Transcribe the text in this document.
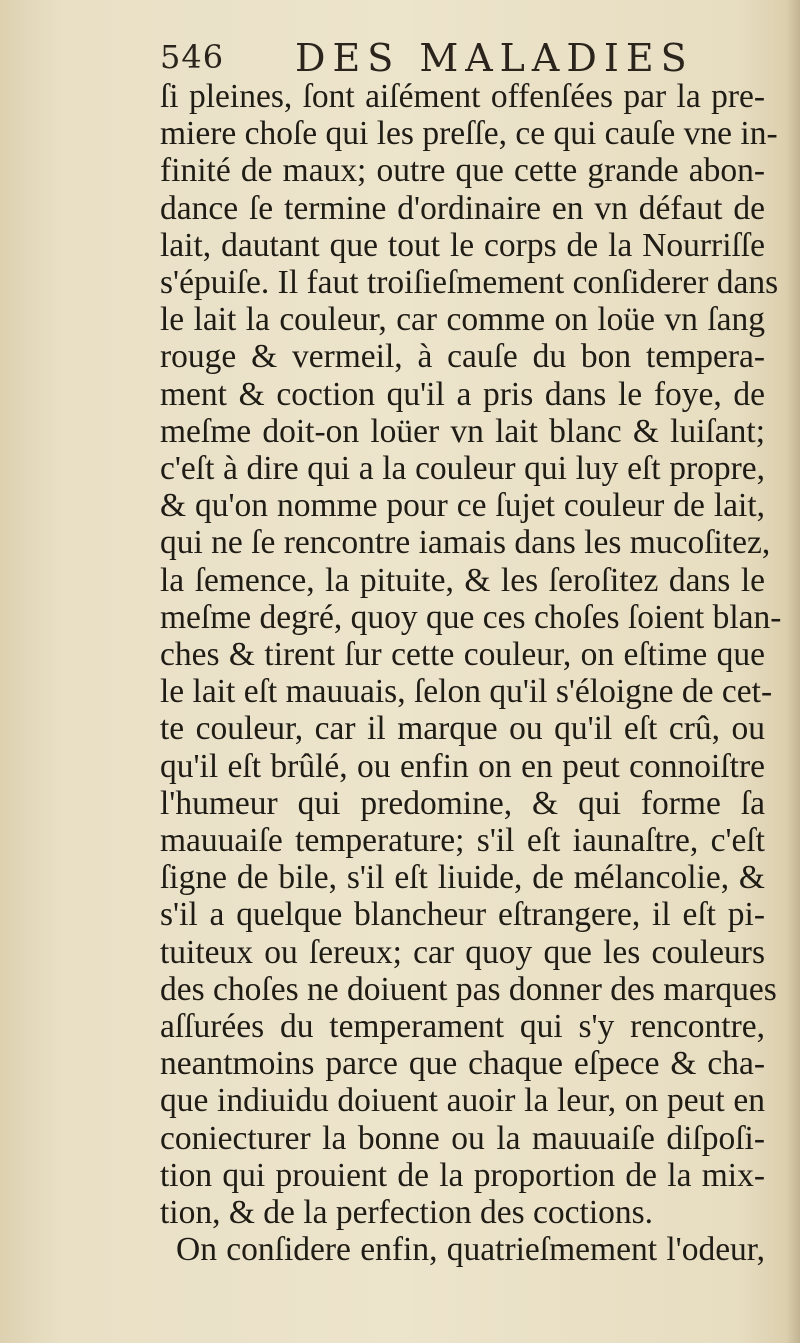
546 DES MALADIES
ſi pleines, ſont aiſément offenſées par la pre-
miere choſe qui les preſſe, ce qui cauſe vne in-
finité de maux; outre que cette grande abon-
dance ſe termine d'ordinaire en vn défaut de
lait, dautant que tout le corps de la Nourriſſe
s'épuiſe. Il faut troiſieſmement conſiderer dans
le lait la couleur, car comme on loüe vn ſang
rouge & vermeil, à cauſe du bon tempera-
ment & coction qu'il a pris dans le foye, de
meſme doit-on loüer vn lait blanc & luiſant;
c'eſt à dire qui a la couleur qui luy eſt propre,
& qu'on nomme pour ce ſujet couleur de lait,
qui ne ſe rencontre iamais dans les mucoſitez,
la ſemence, la pituite, & les ſeroſitez dans le
meſme degré, quoy que ces choſes ſoient blan-
ches & tirent ſur cette couleur, on eſtime que
le lait eſt mauuais, ſelon qu'il s'éloigne de cet-
te couleur, car il marque ou qu'il eſt crû, ou
qu'il eſt brûlé, ou enfin on en peut connoiſtre
l'humeur qui predomine, & qui forme ſa
mauuaiſe temperature; s'il eſt iaunaſtre, c'eſt
ſigne de bile, s'il eſt liuide, de mélancolie, &
s'il a quelque blancheur eſtrangere, il eſt pi-
tuiteux ou ſereux; car quoy que les couleurs
des choſes ne doiuent pas donner des marques
aſſurées du temperament qui s'y rencontre,
neantmoins parce que chaque eſpece & cha-
que indiuidu doiuent auoir la leur, on peut en
coniecturer la bonne ou la mauuaiſe diſpoſi-
tion qui prouient de la proportion de la mix-
tion, & de la perfection des coctions.
On conſidere enfin, quatrieſmement l'odeur,
